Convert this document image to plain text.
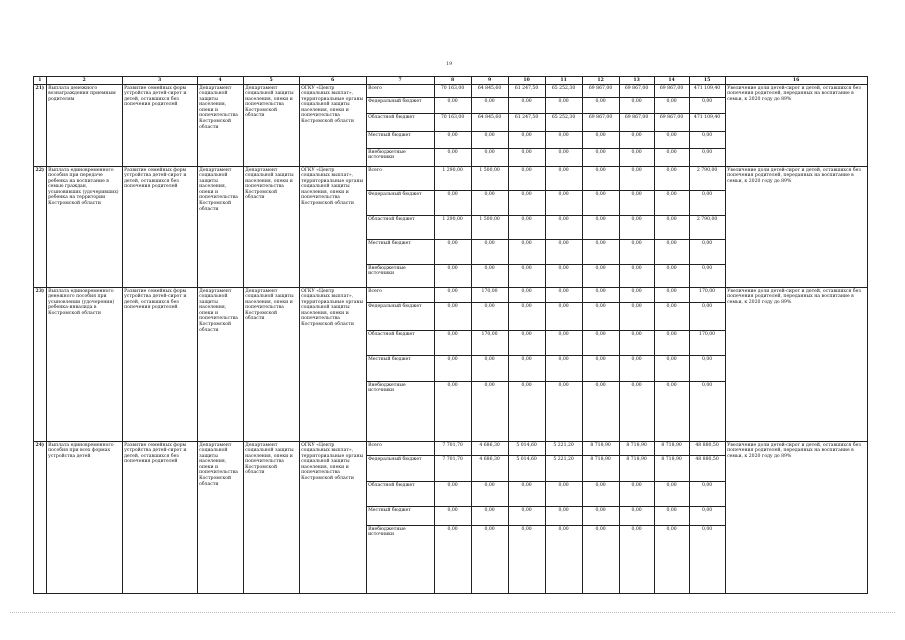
19
1	2	3	4	5	6	7	8	9	10	11	12	13	14	15	16
21)	Выплата денежного вознаграждения приемным родителям	Развитие семейных форм устройства детей-сирот и детей, оставшихся без попечения родителей	Департамент социальной защиты населения, опеки и попечительства Костромской области	Департамент социальной защиты населения, опеки и попечительства Костромской области	ОГКУ «Центр социальных выплат», территориальные органы социальной защиты населения, опеки и попечительства Костромской области	Всего	70 163,00	64 845,60	61 247,50	65 252,30	69 867,00	69 867,00	69 867,00	471 109,40	Увеличение доли детей-сирот и детей, оставшихся без попечения родителей, переданных на воспитание в семьи, к 2020 году до 89%
						Федеральный бюджет	0,00	0,00	0,00	0,00	0,00	0,00	0,00	0,00	
						Областной бюджет	70 163,00	64 845,60	61 247,50	65 252,30	69 867,00	69 867,00	69 867,00	471 109,40	
						Местный бюджет	0,00	0,00	0,00	0,00	0,00	0,00	0,00	0,00	
						Внебюджетные источники	0,00	0,00	0,00	0,00	0,00	0,00	0,00	0,00	
22)	Выплата единовременного пособия при передаче ребенка на воспитание в семью граждан, усыновивших (удочеривших) ребенка на территории Костромской области	Развитие семейных форм устройства детей-сирот и детей, оставшихся без попечения родителей	Департамент социальной защиты населения, опеки и попечительства Костромской области	Департамент социальной защиты населения, опеки и попечительства Костромской области	ОГКУ «Центр социальных выплат», территориальные органы социальной защиты населения, опеки и попечительства Костромской области	Всего	1 290,00	1 500,00	0,00	0,00	0,00	0,00	0,00	2 790,00	Увеличение доли детей-сирот и детей, оставшихся без попечения родителей, переданных на воспитание в семьи, к 2020 году до 89%
						Федеральный бюджет	0,00	0,00	0,00	0,00	0,00	0,00	0,00	0,00	
						Областной бюджет	1 290,00	1 500,00	0,00	0,00	0,00	0,00	0,00	2 790,00	
						Местный бюджет	0,00	0,00	0,00	0,00	0,00	0,00	0,00	0,00	
						Внебюджетные источники	0,00	0,00	0,00	0,00	0,00	0,00	0,00	0,00	
23)	Выплата единовременного денежного пособия при усыновлении (удочерении) ребенка-инвалида в Костромской области	Развитие семейных форм устройства детей-сирот и детей, оставшихся без попечения родителей	Департамент социальной защиты населения, опеки и попечительства Костромской области	Департамент социальной защиты населения, опеки и попечительства Костромской области	ОГКУ «Центр социальных выплат», территориальные органы социальной защиты населения, опеки и попечительства Костромской области	Всего	0,00	170,00	0,00	0,00	0,00	0,00	0,00	170,00	Увеличение доли детей-сирот и детей, оставшихся без попечения родителей, переданных на воспитание в семьи, к 2020 году до 89%
						Федеральный бюджет	0,00	0,00	0,00	0,00	0,00	0,00	0,00	0,00	
						Областной бюджет	0,00	170,00	0,00	0,00	0,00	0,00	0,00	170,00	
						Местный бюджет	0,00	0,00	0,00	0,00	0,00	0,00	0,00	0,00	
						Внебюджетные источники	0,00	0,00	0,00	0,00	0,00	0,00	0,00	0,00	
24)	Выплата единовременного пособия при всех формах устройства детей	Развитие семейных форм устройства детей-сирот и детей, оставшихся без попечения родителей	Департамент социальной защиты населения, опеки и попечительства Костромской области	Департамент социальной защиты населения, опеки и попечительства Костромской области	ОГКУ «Центр социальных выплат», территориальные органы социальной защиты населения, опеки и попечительства Костромской области	Всего	7 701,70	4 686,30	5 014,60	5 221,20	8 718,90	8 718,90	8 718,90	48 880,50	Увеличение доли детей-сирот и детей, оставшихся без попечения родителей, переданных на воспитание в семьи, к 2020 году до 89%
						Федеральный бюджет	7 701,70	4 686,30	5 014,60	5 221,20	8 718,90	8 718,90	8 718,90	48 880,50	
						Областной бюджет	0,00	0,00	0,00	0,00	0,00	0,00	0,00	0,00	
						Местный бюджет	0,00	0,00	0,00	0,00	0,00	0,00	0,00	0,00	
						Внебюджетные источники	0,00	0,00	0,00	0,00	0,00	0,00	0,00	0,00	
